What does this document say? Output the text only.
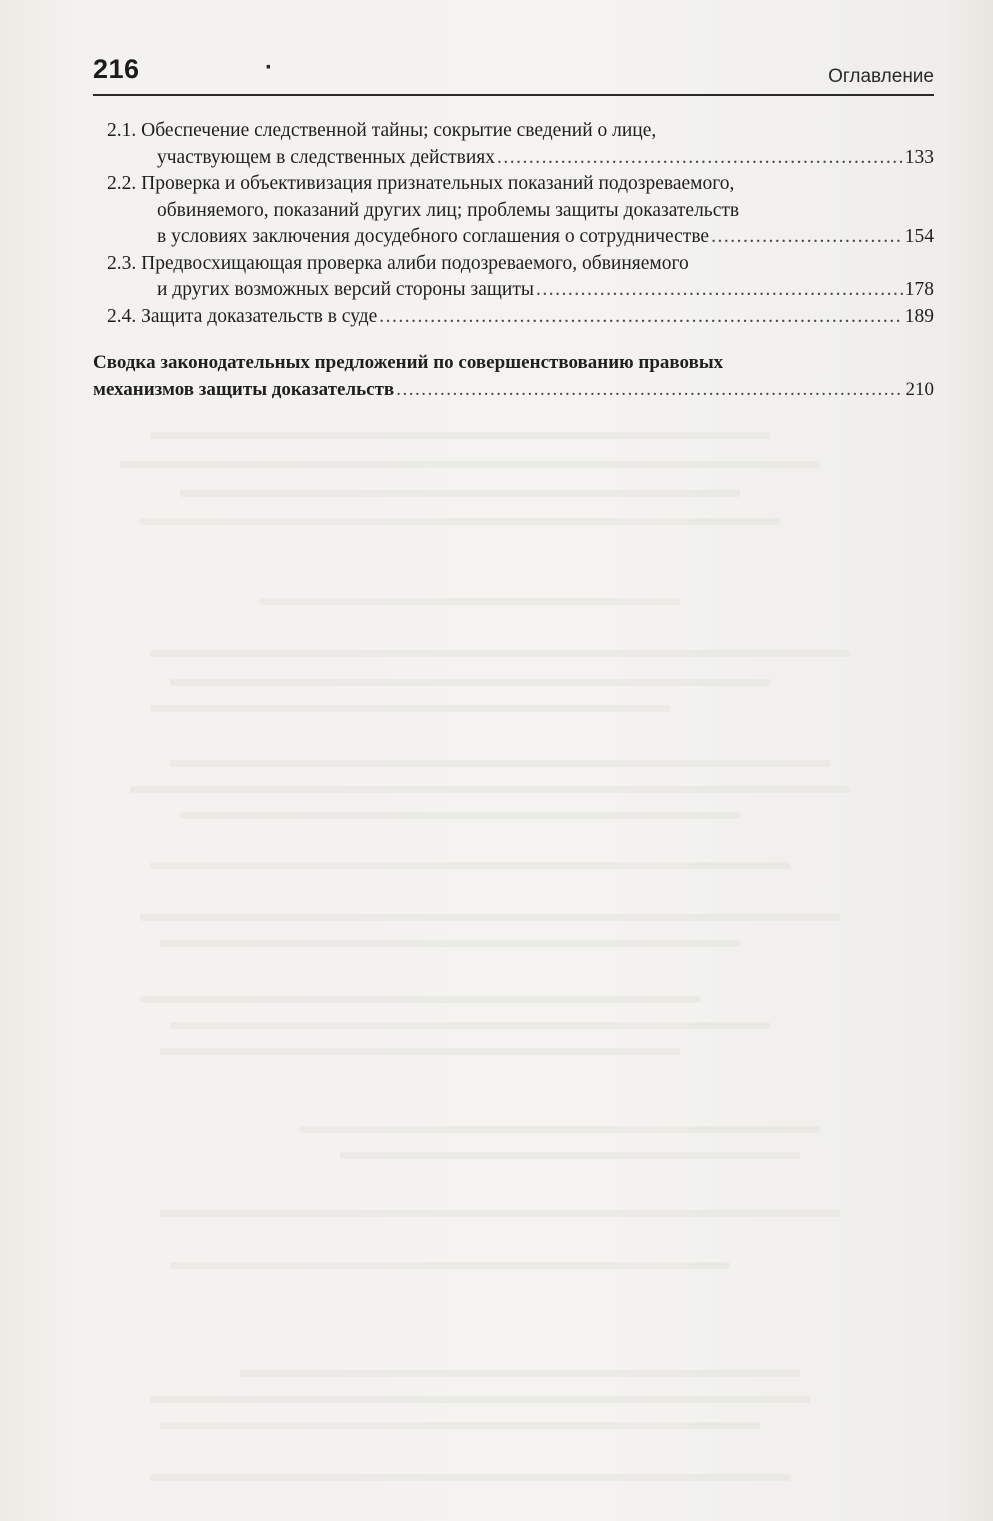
216	·	Оглавление
2.1. Обеспечение следственной тайны; сокрытие сведений о лице,
участвующем в следственных действиях .....	133
2.2. Проверка и объективизация признательных показаний подозреваемого,
обвиняемого, показаний других лиц; проблемы защиты доказательств
в условиях заключения досудебного соглашения о сотрудничестве .....	154
2.3. Предвосхищающая проверка алиби подозреваемого, обвиняемого
и других возможных версий стороны защиты .....	178
2.4. Защита доказательств в суде .....	189
Сводка законодательных предложений по совершенствованию правовых
механизмов защиты доказательств .....	210
